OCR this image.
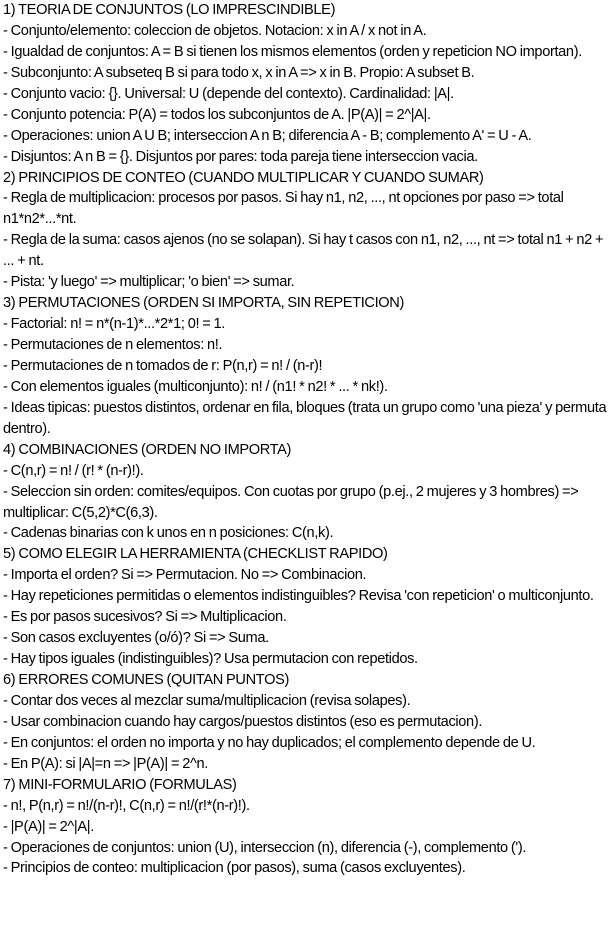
1) TEORIA DE CONJUNTOS (LO IMPRESCINDIBLE)

- Conjunto/elemento: coleccion de objetos. Notacion: x in A / x not in A.

- Igualdad de conjuntos: A = B si tienen los mismos elementos (orden y repeticion NO importan).

- Subconjunto: A subseteq B si para todo x, x in A => x in B. Propio: A subset B.

- Conjunto vacio: {}. Universal: U (depende del contexto). Cardinalidad: |A|.

- Conjunto potencia: P(A) = todos los subconjuntos de A. |P(A)| = 2^|A|.

- Operaciones: union A U B; interseccion A n B; diferencia A - B; complemento A' = U - A.

- Disjuntos: A n B = {}. Disjuntos por pares: toda pareja tiene interseccion vacia.

2) PRINCIPIOS DE CONTEO (CUANDO MULTIPLICAR Y CUANDO SUMAR)

- Regla de multiplicacion: procesos por pasos. Si hay n1, n2, ..., nt opciones por paso => total n1*n2*...*nt.

- Regla de la suma: casos ajenos (no se solapan). Si hay t casos con n1, n2, ..., nt => total n1 + n2 + ... + nt.

- Pista: 'y luego' => multiplicar; 'o bien' => sumar.

3) PERMUTACIONES (ORDEN SI IMPORTA, SIN REPETICION)

- Factorial: n! = n*(n-1)*...*2*1; 0! = 1.

- Permutaciones de n elementos: n!.

- Permutaciones de n tomados de r: P(n,r) = n! / (n-r)!

- Con elementos iguales (multiconjunto): n! / (n1! * n2! * ... * nk!).

- Ideas tipicas: puestos distintos, ordenar en fila, bloques (trata un grupo como 'una pieza' y permuta dentro).

4) COMBINACIONES (ORDEN NO IMPORTA)

- C(n,r) = n! / (r! * (n-r)!).

- Seleccion sin orden: comites/equipos. Con cuotas por grupo (p.ej., 2 mujeres y 3 hombres) => multiplicar: C(5,2)*C(6,3).

- Cadenas binarias con k unos en n posiciones: C(n,k).

5) COMO ELEGIR LA HERRAMIENTA (CHECKLIST RAPIDO)

- Importa el orden? Si => Permutacion. No => Combinacion.

- Hay repeticiones permitidas o elementos indistinguibles? Revisa 'con repeticion' o multiconjunto.

- Es por pasos sucesivos? Si => Multiplicacion.

- Son casos excluyentes (o/ó)? Si => Suma.

- Hay tipos iguales (indistinguibles)? Usa permutacion con repetidos.

6) ERRORES COMUNES (QUITAN PUNTOS)

- Contar dos veces al mezclar suma/multiplicacion (revisa solapes).

- Usar combinacion cuando hay cargos/puestos distintos (eso es permutacion).

- En conjuntos: el orden no importa y no hay duplicados; el complemento depende de U.

- En P(A): si |A|=n => |P(A)| = 2^n.

7) MINI-FORMULARIO (FORMULAS)

- n!, P(n,r) = n!/(n-r)!, C(n,r) = n!/(r!*(n-r)!).

- |P(A)| = 2^|A|.

- Operaciones de conjuntos: union (U), interseccion (n), diferencia (-), complemento (').

- Principios de conteo: multiplicacion (por pasos), suma (casos excluyentes).
